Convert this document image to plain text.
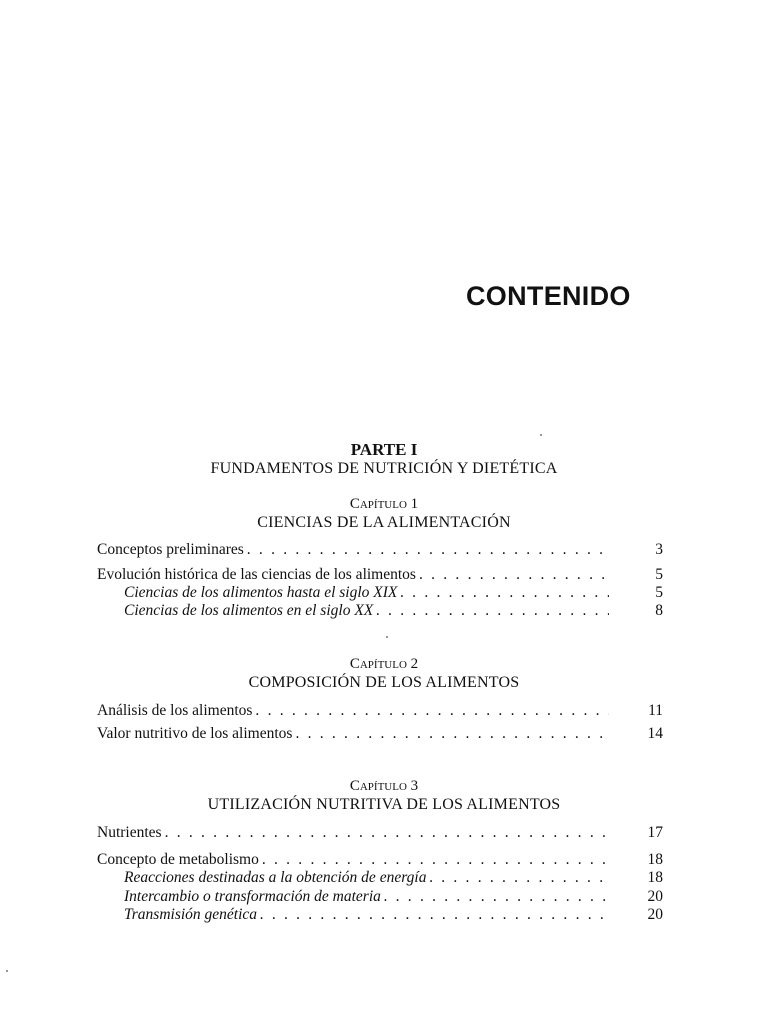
CONTENIDO
PARTE I
FUNDAMENTOS DE NUTRICIÓN Y DIETÉTICA
Capítulo 1
CIENCIAS DE LA ALIMENTACIÓN
Conceptos preliminares . . .	3
Evolución histórica de las ciencias de los alimentos . . .	5
Ciencias de los alimentos hasta el siglo XIX . . .	5
Ciencias de los alimentos en el siglo XX . . .	8
Capítulo 2
COMPOSICIÓN DE LOS ALIMENTOS
Análisis de los alimentos . . .	11
Valor nutritivo de los alimentos . . .	14
Capítulo 3
UTILIZACIÓN NUTRITIVA DE LOS ALIMENTOS
Nutrientes . . .	17
Concepto de metabolismo . . .	18
Reacciones destinadas a la obtención de energía . . .	18
Intercambio o transformación de materia . . .	20
Transmisión genética . . .	20
